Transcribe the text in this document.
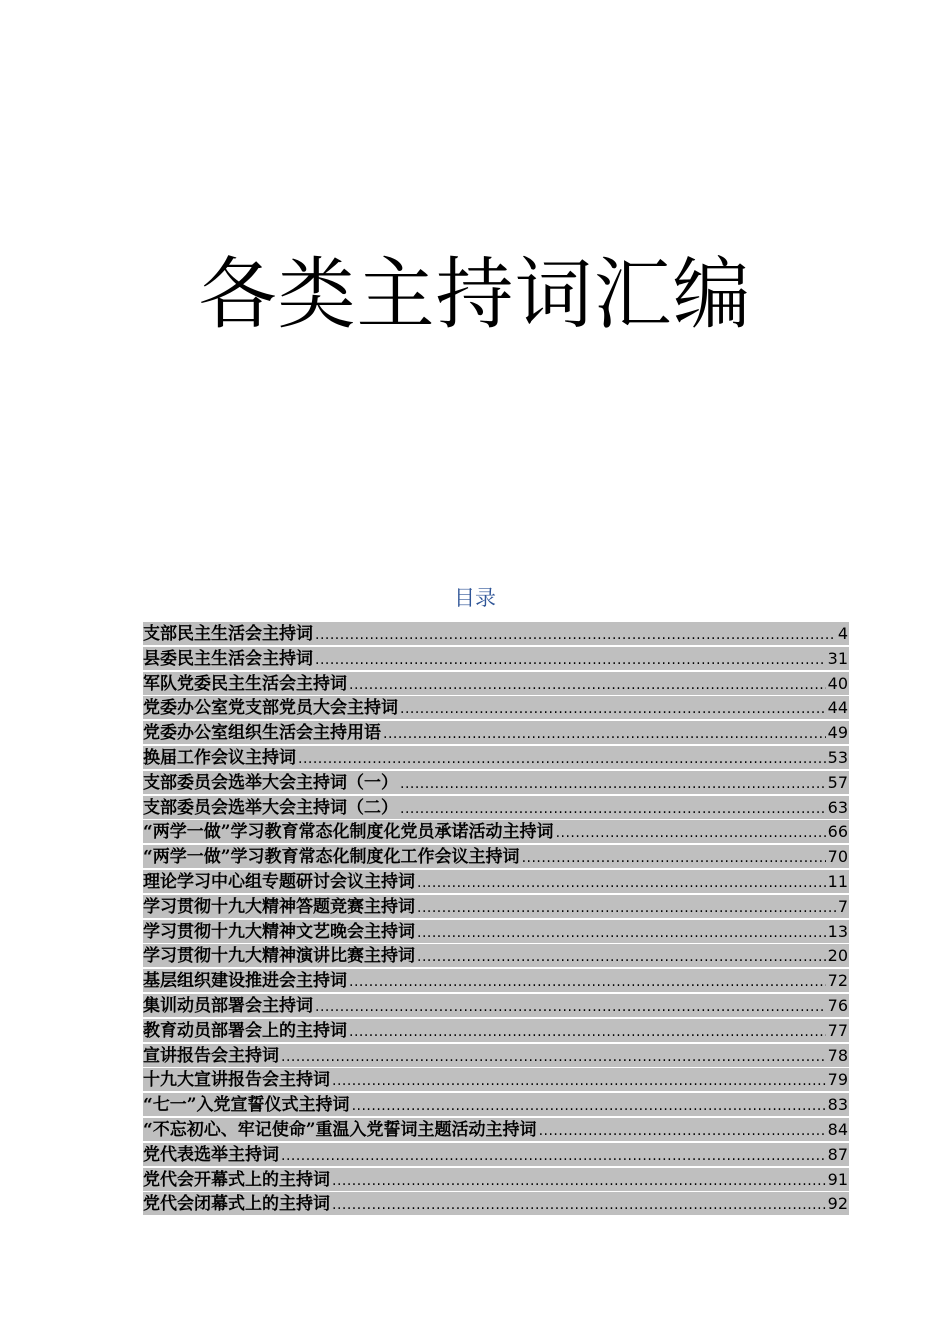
各类主持词汇编
目录
支部民主生活会主持词 .....	4
县委民主生活会主持词 .....	31
军队党委民主生活会主持词 .....	40
党委办公室党支部党员大会主持词 .....	44
党委办公室组织生活会主持用语 .....	49
换届工作会议主持词 .....	53
支部委员会选举大会主持词（一） .....	57
支部委员会选举大会主持词（二） .....	63
“两学一做”学习教育常态化制度化党员承诺活动主持词 .....	66
“两学一做”学习教育常态化制度化工作会议主持词 .....	70
理论学习中心组专题研讨会议主持词 .....	11
学习贯彻十九大精神答题竞赛主持词 .....	7
学习贯彻十九大精神文艺晚会主持词 .....	13
学习贯彻十九大精神演讲比赛主持词 .....	20
基层组织建设推进会主持词 .....	72
集训动员部署会主持词 .....	76
教育动员部署会上的主持词 .....	77
宣讲报告会主持词 .....	78
十九大宣讲报告会主持词 .....	79
“七一”入党宣誓仪式主持词 .....	83
“不忘初心、牢记使命”重温入党誓词主题活动主持词 .....	84
党代表选举主持词 .....	87
党代会开幕式上的主持词 .....	91
党代会闭幕式上的主持词 .....	92
